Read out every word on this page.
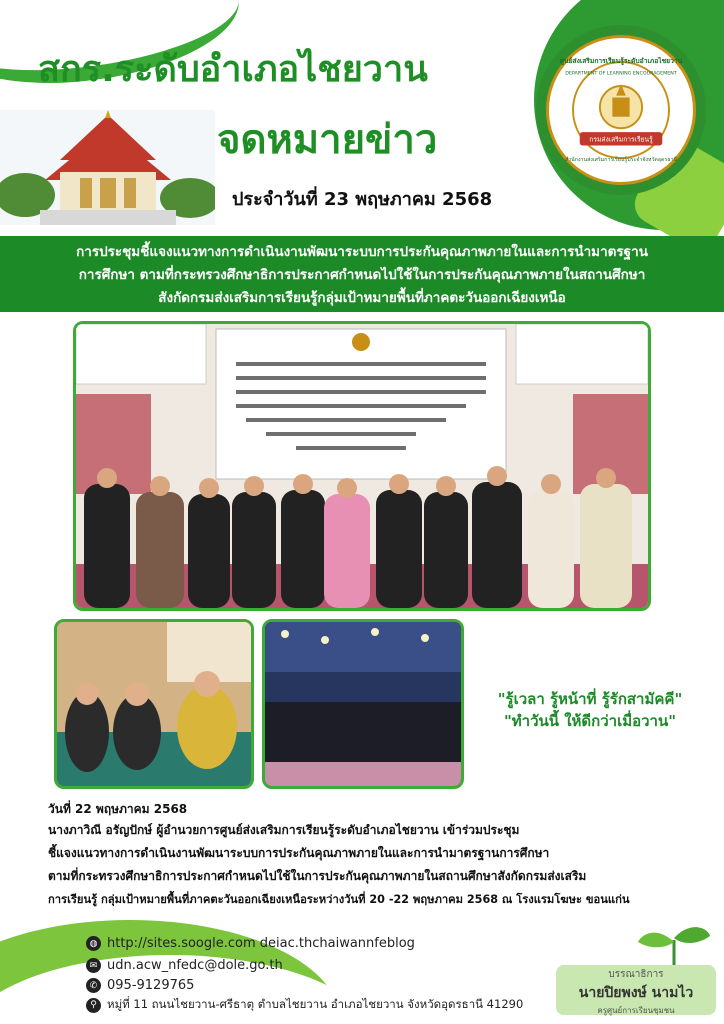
สกร.ระดับอำเภอไชยวาน
จดหมายข่าว
ประจำวันที่ 23 พฤษภาคม 2568
กรมส่งเสริมการเรียนรู้
ศูนย์ส่งเสริมการเรียนรู้ระดับอำเภอไชยวาน
DEPARTMENT OF LEARNING ENCOURAGEMENT
สำนักงานส่งเสริมการเรียนรู้ประจำจังหวัดอุดรธานี
การประชุมชี้แจงแนวทางการดำเนินงานพัฒนาระบบการประกันคุณภาพภายในและการนำมาตรฐาน
การศึกษา ตามที่กระทรวงศึกษาธิการประกาศกำหนดไปใช้ในการประกันคุณภาพภายในสถานศึกษา
สังกัดกรมส่งเสริมการเรียนรู้กลุ่มเป้าหมายพื้นที่ภาคตะวันออกเฉียงเหนือ
"รู้เวลา รู้หน้าที่ รู้รักสามัคคี"
"ทำวันนี้ ให้ดีกว่าเมื่อวาน"
วันที่ 22 พฤษภาคม 2568
นางภาวิณี อรัญปักษ์ ผู้อำนวยการศูนย์ส่งเสริมการเรียนรู้ระดับอำเภอไชยวาน เข้าร่วมประชุม
ชี้แจงแนวทางการดำเนินงานพัฒนาระบบการประกันคุณภาพภายในและการนำมาตรฐานการศึกษา
ตามที่กระทรวงศึกษาธิการประกาศกำหนดไปใช้ในการประกันคุณภาพภายในสถานศึกษาสังกัดกรมส่งเสริม
การเรียนรู้ กลุ่มเป้าหมายพื้นที่ภาคตะวันออกเฉียงเหนือระหว่างวันที่ 20 -22 พฤษภาคม 2568 ณ โรงแรมโฆษะ ขอนแก่น
◍ http://sites.soogle.com deiac.thchaiwannfeblog
✉ udn.acw_nfedc@dole.go.th
✆ 095-9129765
⚲ หมู่ที่ 11 ถนนไชยวาน-ศรีธาตุ ตำบลไชยวาน อำเภอไชยวาน จังหวัดอุดรธานี 41290
บรรณาธิการ
นายปิยพงษ์ นามไว
ครูศูนย์การเรียนชุมชน
